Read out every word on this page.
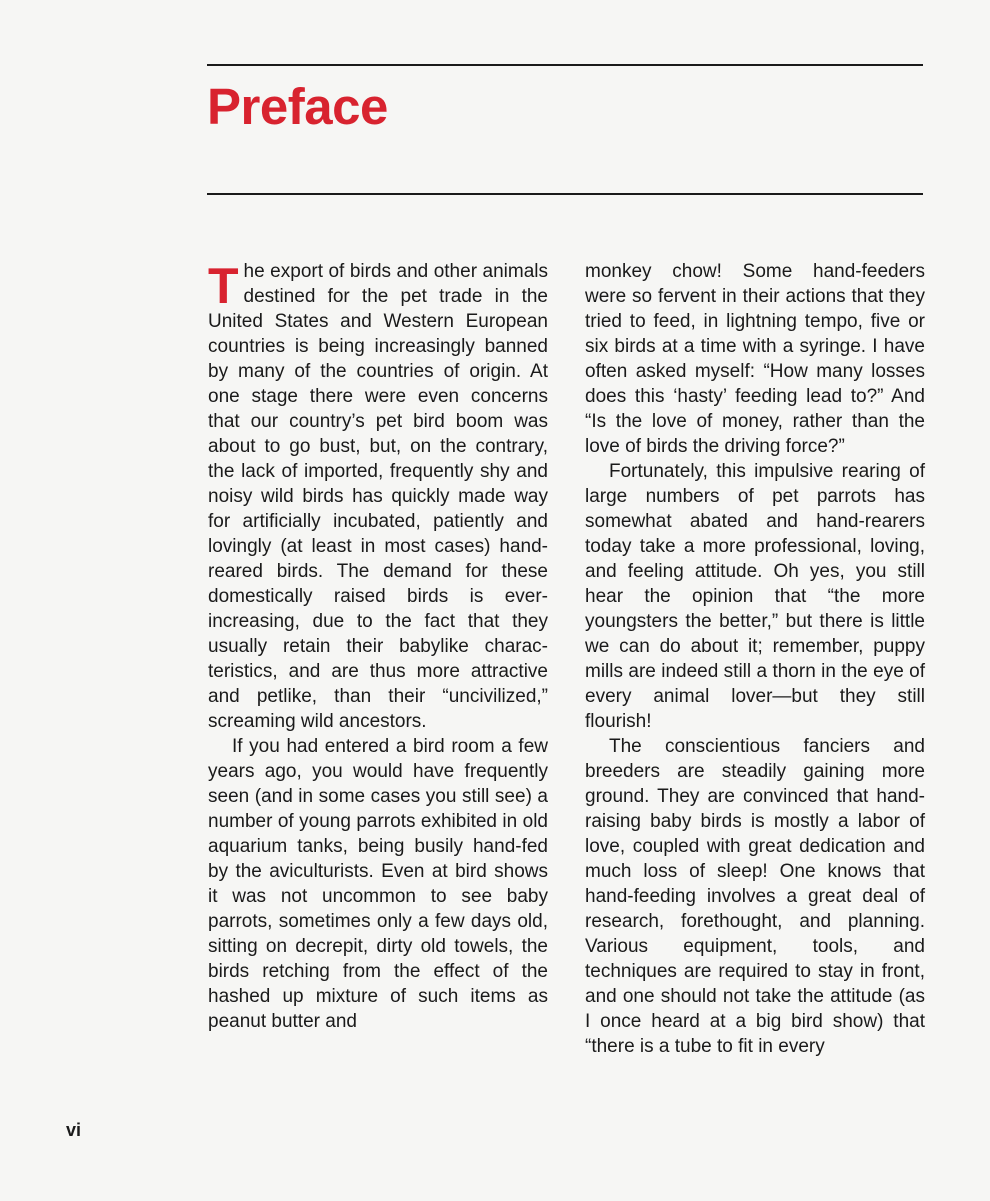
Preface

The export of birds and other animals destined for the pet trade in the United States and Western European countries is being increasingly banned by many of the countries of origin. At one stage there were even concerns that our country’s pet bird boom was about to go bust, but, on the contrary, the lack of imported, frequently shy and noisy wild birds has quickly made way for artificially incubated, patiently and lovingly (at least in most cases) hand-reared birds. The demand for these domestically raised birds is ever-increasing, due to the fact that they usually retain their babylike characteristics, and are thus more attractive and petlike, than their “uncivilized,” screaming wild ancestors.

If you had entered a bird room a few years ago, you would have frequently seen (and in some cases you still see) a number of young parrots exhibited in old aquarium tanks, being busily hand-fed by the aviculturists. Even at bird shows it was not uncommon to see baby parrots, sometimes only a few days old, sitting on decrepit, dirty old towels, the birds retching from the effect of the hashed up mixture of such items as peanut butter and

monkey chow! Some hand-feeders were so fervent in their actions that they tried to feed, in lightning tempo, five or six birds at a time with a syringe. I have often asked myself: “How many losses does this ‘hasty’ feeding lead to?” And “Is the love of money, rather than the love of birds the driving force?”

Fortunately, this impulsive rearing of large numbers of pet parrots has somewhat abated and hand-rearers today take a more professional, loving, and feeling attitude. Oh yes, you still hear the opinion that “the more youngsters the better,” but there is little we can do about it; remember, puppy mills are indeed still a thorn in the eye of every animal lover—but they still flourish!

The conscientious fanciers and breeders are steadily gaining more ground. They are convinced that hand-raising baby birds is mostly a labor of love, coupled with great dedication and much loss of sleep! One knows that hand-feeding involves a great deal of research, forethought, and planning. Various equipment, tools, and techniques are required to stay in front, and one should not take the attitude (as I once heard at a big bird show) that “there is a tube to fit in every

vi
